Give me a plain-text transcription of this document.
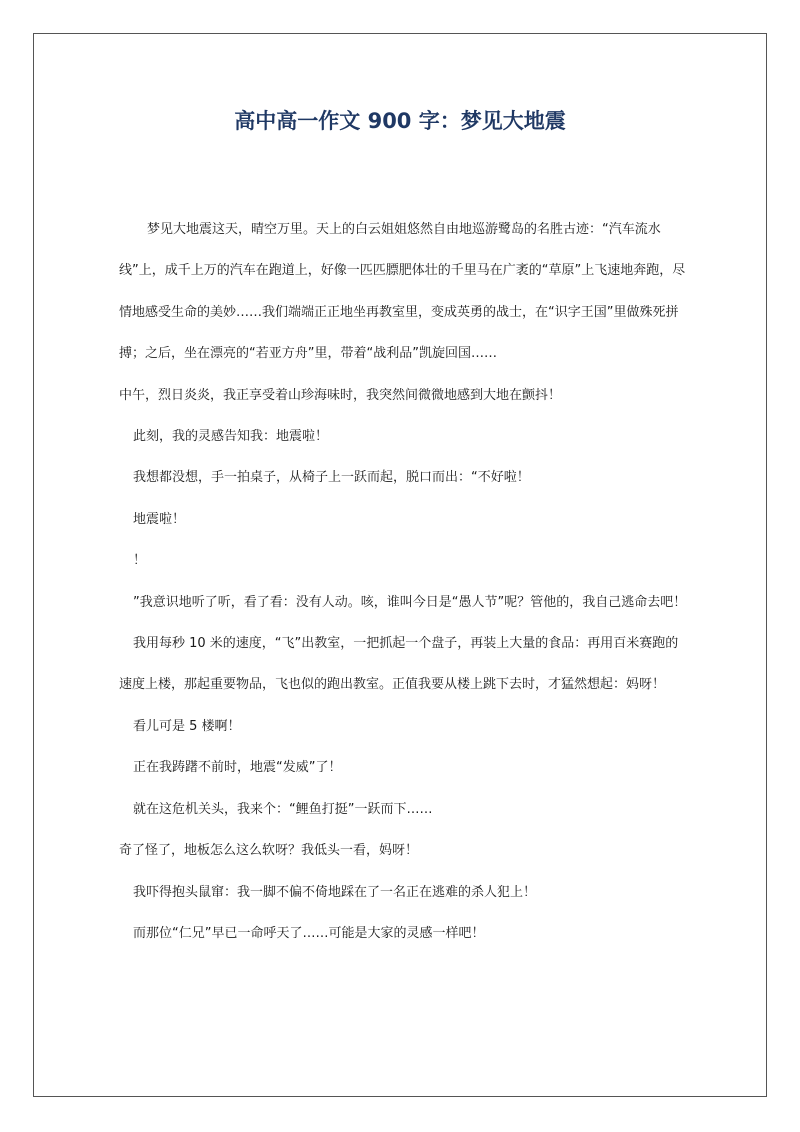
高中高一作文 900 字：梦见大地震

梦见大地震这天，晴空万里。天上的白云姐姐悠然自由地巡游鹭岛的名胜古迹：“汽车流水线”上，成千上万的汽车在跑道上，好像一匹匹膘肥体壮的千里马在广袤的“草原”上飞速地奔跑，尽情地感受生命的美妙……我们端端正正地坐再教室里，变成英勇的战士，在“识字王国”里做殊死拼搏；之后，坐在漂亮的“若亚方舟”里，带着“战利品”凯旋回国……

中午，烈日炎炎，我正享受着山珍海味时，我突然间微微地感到大地在颤抖！

此刻，我的灵感告知我：地震啦！

我想都没想，手一拍桌子，从椅子上一跃而起，脱口而出：“不好啦！

地震啦！

！

”我意识地听了听，看了看：没有人动。咳，谁叫今日是“愚人节”呢？管他的，我自己逃命去吧！

我用每秒 10 米的速度，“飞”出教室，一把抓起一个盘子，再装上大量的食品：再用百米赛跑的速度上楼，那起重要物品，飞也似的跑出教室。正值我要从楼上跳下去时，才猛然想起：妈呀！

看儿可是 5 楼啊！

正在我踌躇不前时，地震“发威”了！

就在这危机关头，我来个：“鲤鱼打挺”一跃而下……

奇了怪了，地板怎么这么软呀？我低头一看，妈呀！

我吓得抱头鼠窜：我一脚不偏不倚地踩在了一名正在逃难的杀人犯上！

而那位“仁兄”早已一命呼天了……可能是大家的灵感一样吧！
